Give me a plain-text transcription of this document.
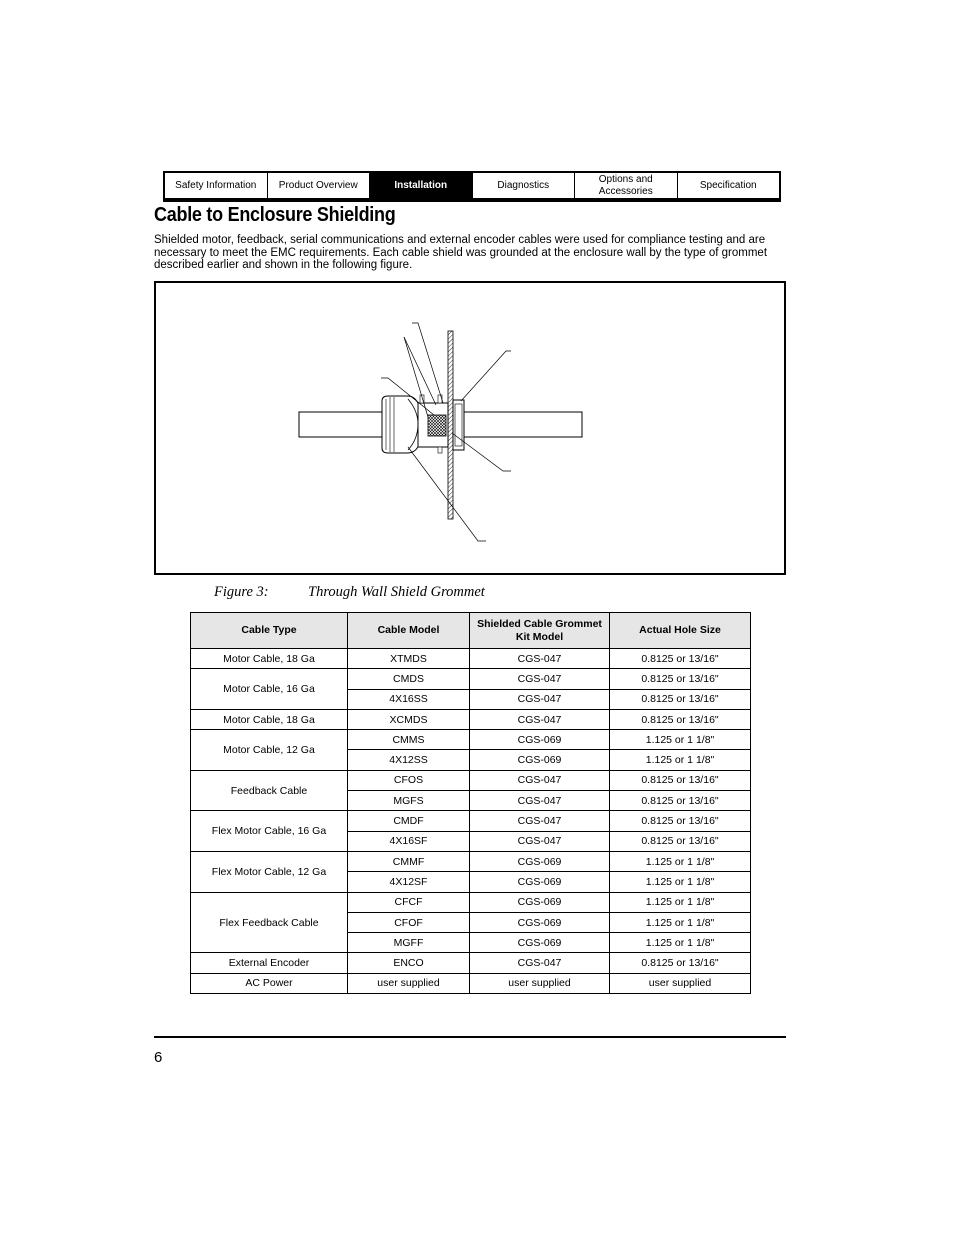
Safety Information	Product Overview	Installation	Diagnostics
Options and Accessories
Specification
Cable to Enclosure Shielding

Shielded motor, feedback, serial communications and external encoder cables were used for compliance testing and are necessary to meet the EMC requirements. Each cable shield was grounded at the enclosure wall by the type of grommet described earlier and shown in the following figure.

Figure 3:	Through Wall Shield Grommet
Cable Type	Cable Model	Shielded Cable Grommet Kit Model	Actual Hole Size
Motor Cable, 18 Ga	XTMDS	CGS-047	0.8125 or 13/16"
Motor Cable, 16 Ga	CMDS	CGS-047	0.8125 or 13/16"
	4X16SS	CGS-047	0.8125 or 13/16"
Motor Cable, 18 Ga	XCMDS	CGS-047	0.8125 or 13/16"
Motor Cable, 12 Ga	CMMS	CGS-069	1.125 or 1 1/8"
	4X12SS	CGS-069	1.125 or 1 1/8"
Feedback Cable	CFOS	CGS-047	0.8125 or 13/16"
	MGFS	CGS-047	0.8125 or 13/16"
Flex Motor Cable, 16 Ga	CMDF	CGS-047	0.8125 or 13/16"
	4X16SF	CGS-047	0.8125 or 13/16"
Flex Motor Cable, 12 Ga	CMMF	CGS-069	1.125 or 1 1/8"
	4X12SF	CGS-069	1.125 or 1 1/8"
Flex Feedback Cable	CFCF	CGS-069	1.125 or 1 1/8"
	CFOF	CGS-069	1.125 or 1 1/8"
	MGFF	CGS-069	1.125 or 1 1/8"
External Encoder	ENCO	CGS-047	0.8125 or 13/16"
AC Power	user supplied	user supplied	user supplied
6
